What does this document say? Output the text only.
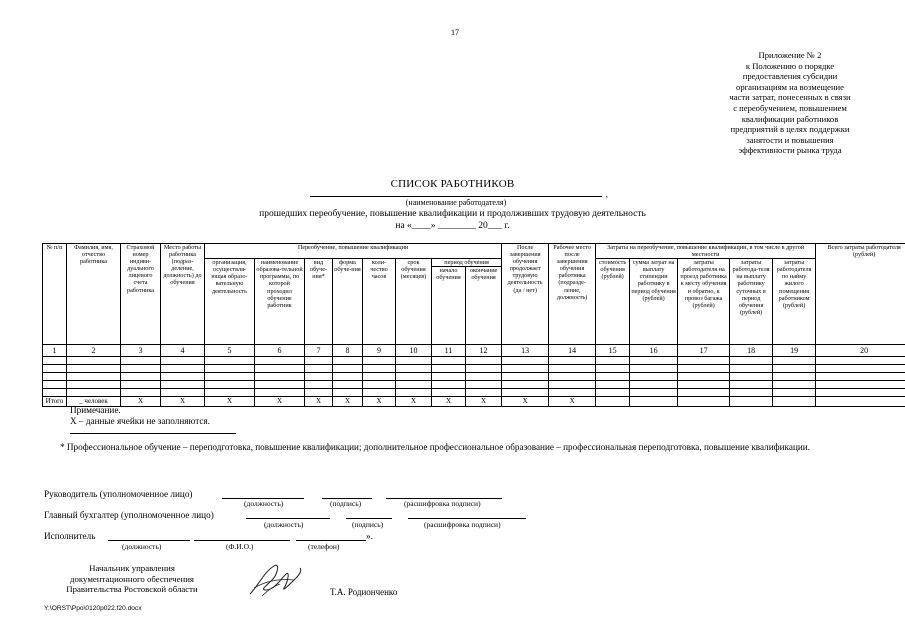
17
Приложение № 2
к Положению о порядке
предоставления субсидии
организациям на возмещение
части затрат, понесенных в связи
с переобучением, повышением
квалификации работников
предприятий в целях поддержки
занятости и повышения
эффективности рынка труда
СПИСОК РАБОТНИКОВ
,
(наименование работодателя)
прошедших переобучение, повышение квалификации и продолживших трудовую деятельность
на «____» ________ 20___ г.
№ п/п	Фамилия, имя, отчество работника	Страховой номер индиви-дуального лицевого счета работника	Место работы работника (подраз-деление, должность) до обучения	Переобучение, повышение квалификации								После завершения обучения продолжает трудовую деятельность (да / нет)	Рабочее место после завершения обучения работника (подразде-ление, должность)	Затраты на переобучение, повышение квалификации, в том числе в другой местности					Всего затраты работодателя (рублей)
				организация, осуществля-ющая образо-вательную деятельность	наименование образова-тельной программы, по которой проходил обучение работник	вид обуче-ния*	форма обуче-ния	коли-чество часов	срок обучения (месяцев)	период обучения				стоимость обучения (рублей)	сумма затрат на выплату стипендии работнику в период обучения (рублей)	затраты работодателя на проезд работника к месту обучения и обратно, к провоз багажа (рублей)	затраты работода-теля на выплату работнику суточных в период обучения (рублей)	затраты работодателя по найму жилого помещения работником (рублей)	
										начало обучения	окончание обучения								
1	2	3	4	5	6	7	8	9	10	11	12	13	14	15	16	17	18	19	20

Итого	_ человек	Х	Х	Х	Х	Х	Х	Х	Х	Х	Х	Х	Х						
Примечание.
Х – данные ячейки не заполняются.
* Профессиональное обучение – переподготовка, повышение квалификации; дополнительное профессиональное образование – профессиональная переподготовка, повышение квалификации.
Руководитель (уполномоченное лицо)
(должность)	(подпись)	(расшифровка подписи)
Главный бухгалтер (уполномоченное лицо)
(должность)	(подпись)	(расшифровка подписи)
Исполнитель	».
(должность)	(Ф.И.О.)	(телефон)
Начальник управления
документационного обеспечения
Правительства Ростовской области	Т.А. Родионченко
Y:\ORST\Ppo\0120p022.f20.docx
